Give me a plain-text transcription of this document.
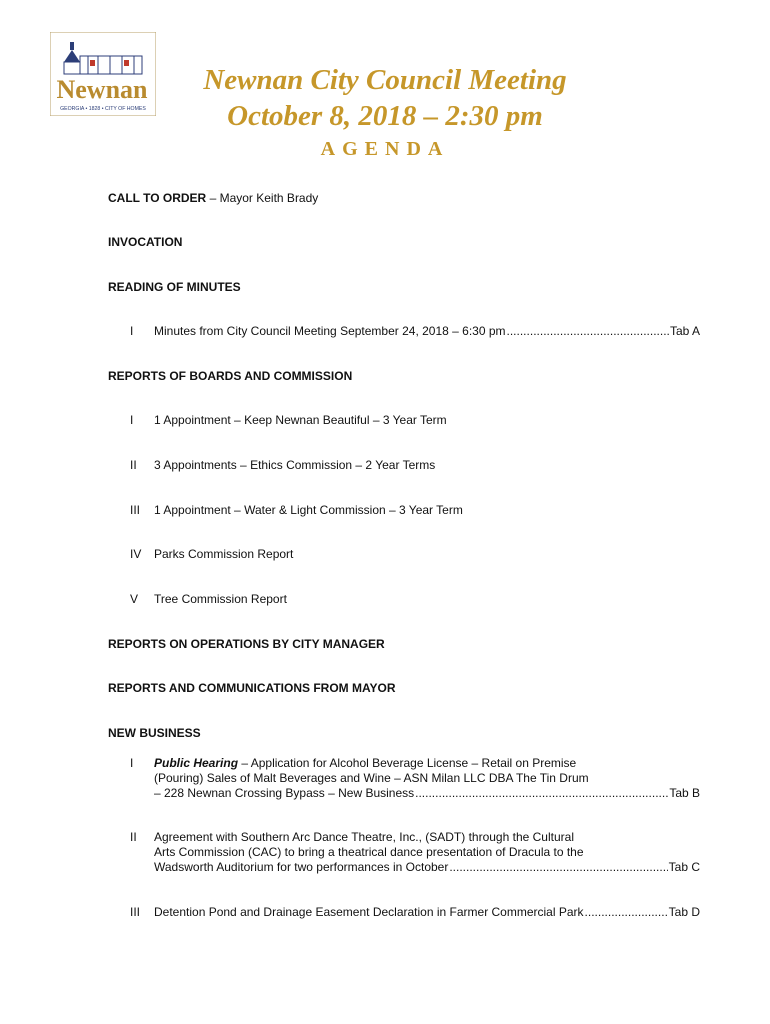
Newnan
GEORGIA • 1828 • CITY OF HOMES
Newnan City Council Meeting
October 8, 2018 – 2:30 pm
AGENDA
CALL TO ORDER – Mayor Keith Brady
INVOCATION
READING OF MINUTES
I	Minutes from City Council Meeting September 24, 2018 – 6:30 pm .....	Tab A
REPORTS OF BOARDS AND COMMISSION
I	1 Appointment – Keep Newnan Beautiful – 3 Year Term
II	3 Appointments – Ethics Commission – 2 Year Terms
III	1 Appointment – Water & Light Commission – 3 Year Term
IV	Parks Commission Report
V	Tree Commission Report
REPORTS ON OPERATIONS BY CITY MANAGER
REPORTS AND COMMUNICATIONS FROM MAYOR
NEW BUSINESS
I	Public Hearing – Application for Alcohol Beverage License – Retail on Premise
(Pouring) Sales of Malt Beverages and Wine – ASN Milan LLC DBA The Tin Drum
– 228 Newnan Crossing Bypass – New Business .....	Tab B
II	Agreement with Southern Arc Dance Theatre, Inc., (SADT) through the Cultural
Arts Commission (CAC) to bring a theatrical dance presentation of Dracula to the
Wadsworth Auditorium for two performances in October .....	Tab C
III	Detention Pond and Drainage Easement Declaration in Farmer Commercial Park .....	Tab D
